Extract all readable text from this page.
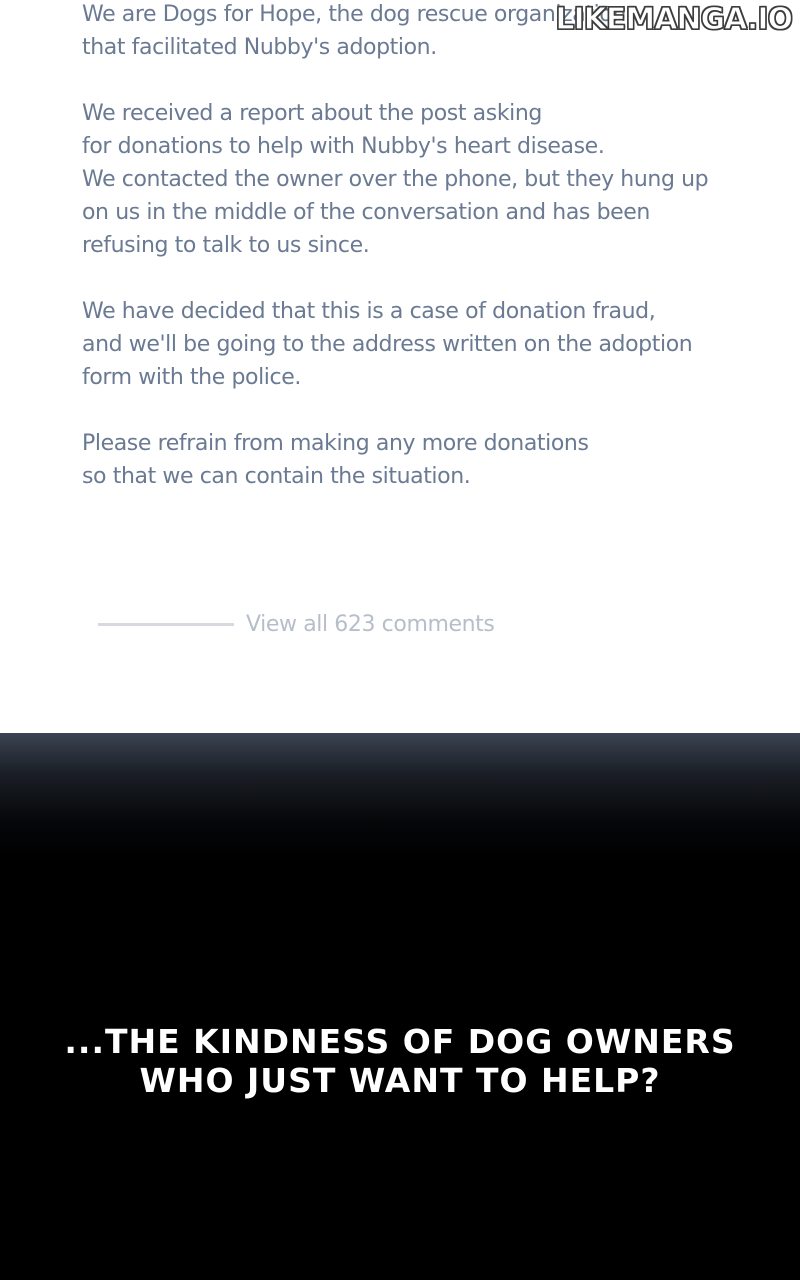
We are Dogs for Hope, the dog rescue organization
that facilitated Nubby's adoption.

We received a report about the post asking
for donations to help with Nubby's heart disease.
We contacted the owner over the phone, but they hung up
on us in the middle of the conversation and has been
refusing to talk to us since.

We have decided that this is a case of donation fraud,
and we'll be going to the address written on the adoption
form with the police.

Please refrain from making any more donations
so that we can contain the situation.

View all 623 comments
LIKEMANGA.IO
...THE KINDNESS OF DOG OWNERS
WHO JUST WANT TO HELP?
